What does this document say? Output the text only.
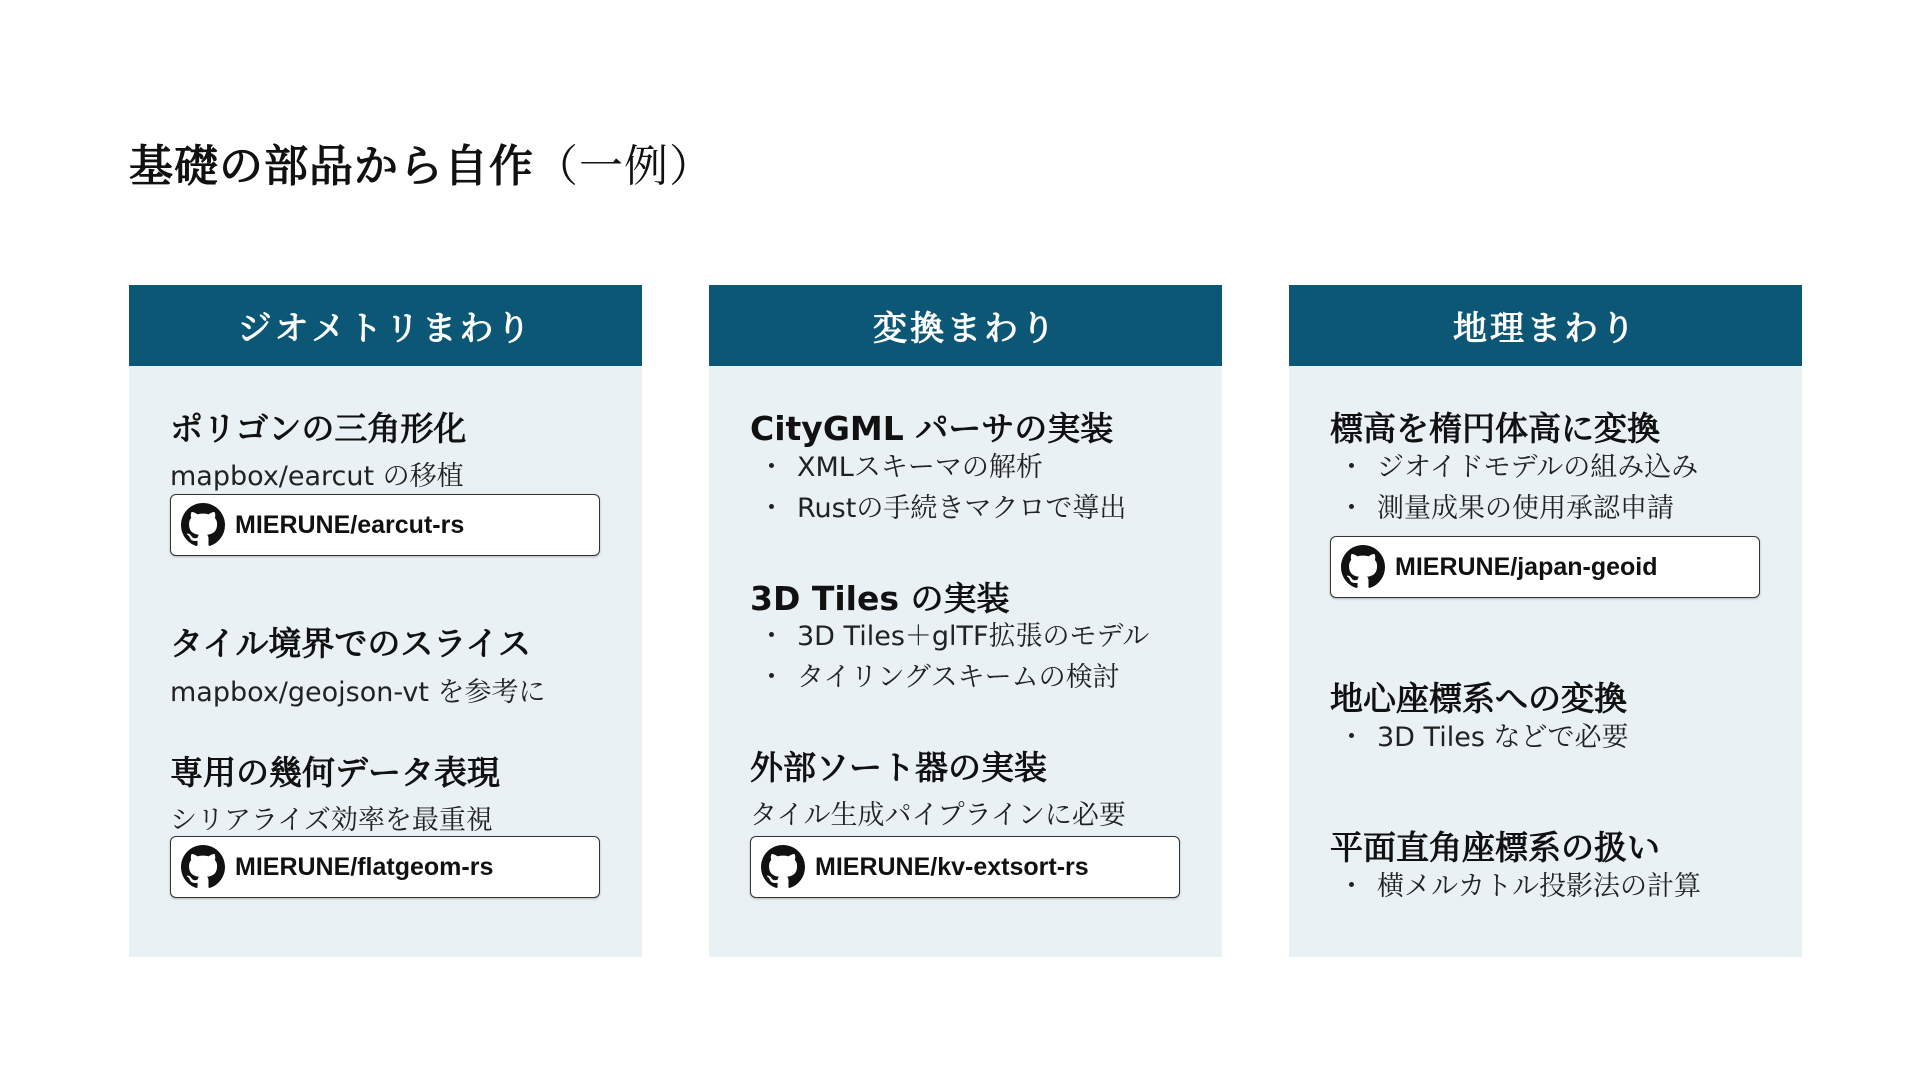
基礎の部品から自作（一例）
ジオメトリまわり
ポリゴンの三角形化
mapbox/earcut の移植
MIERUNE/earcut-rs
タイル境界でのスライス
mapbox/geojson-vt を参考に
専用の幾何データ表現
シリアライズ効率を最重視
MIERUNE/flatgeom-rs
変換まわり
CityGML パーサの実装
・ XMLスキーマの解析
・ Rustの手続きマクロで導出
3D Tiles の実装
・ 3D Tiles＋glTF拡張のモデル
・ タイリングスキームの検討
外部ソート器の実装
タイル生成パイプラインに必要
MIERUNE/kv-extsort-rs
地理まわり
標高を楕円体高に変換
・ ジオイドモデルの組み込み
・ 測量成果の使用承認申請
MIERUNE/japan-geoid
地心座標系への変換
・ 3D Tiles などで必要
平面直角座標系の扱い
・ 横メルカトル投影法の計算
